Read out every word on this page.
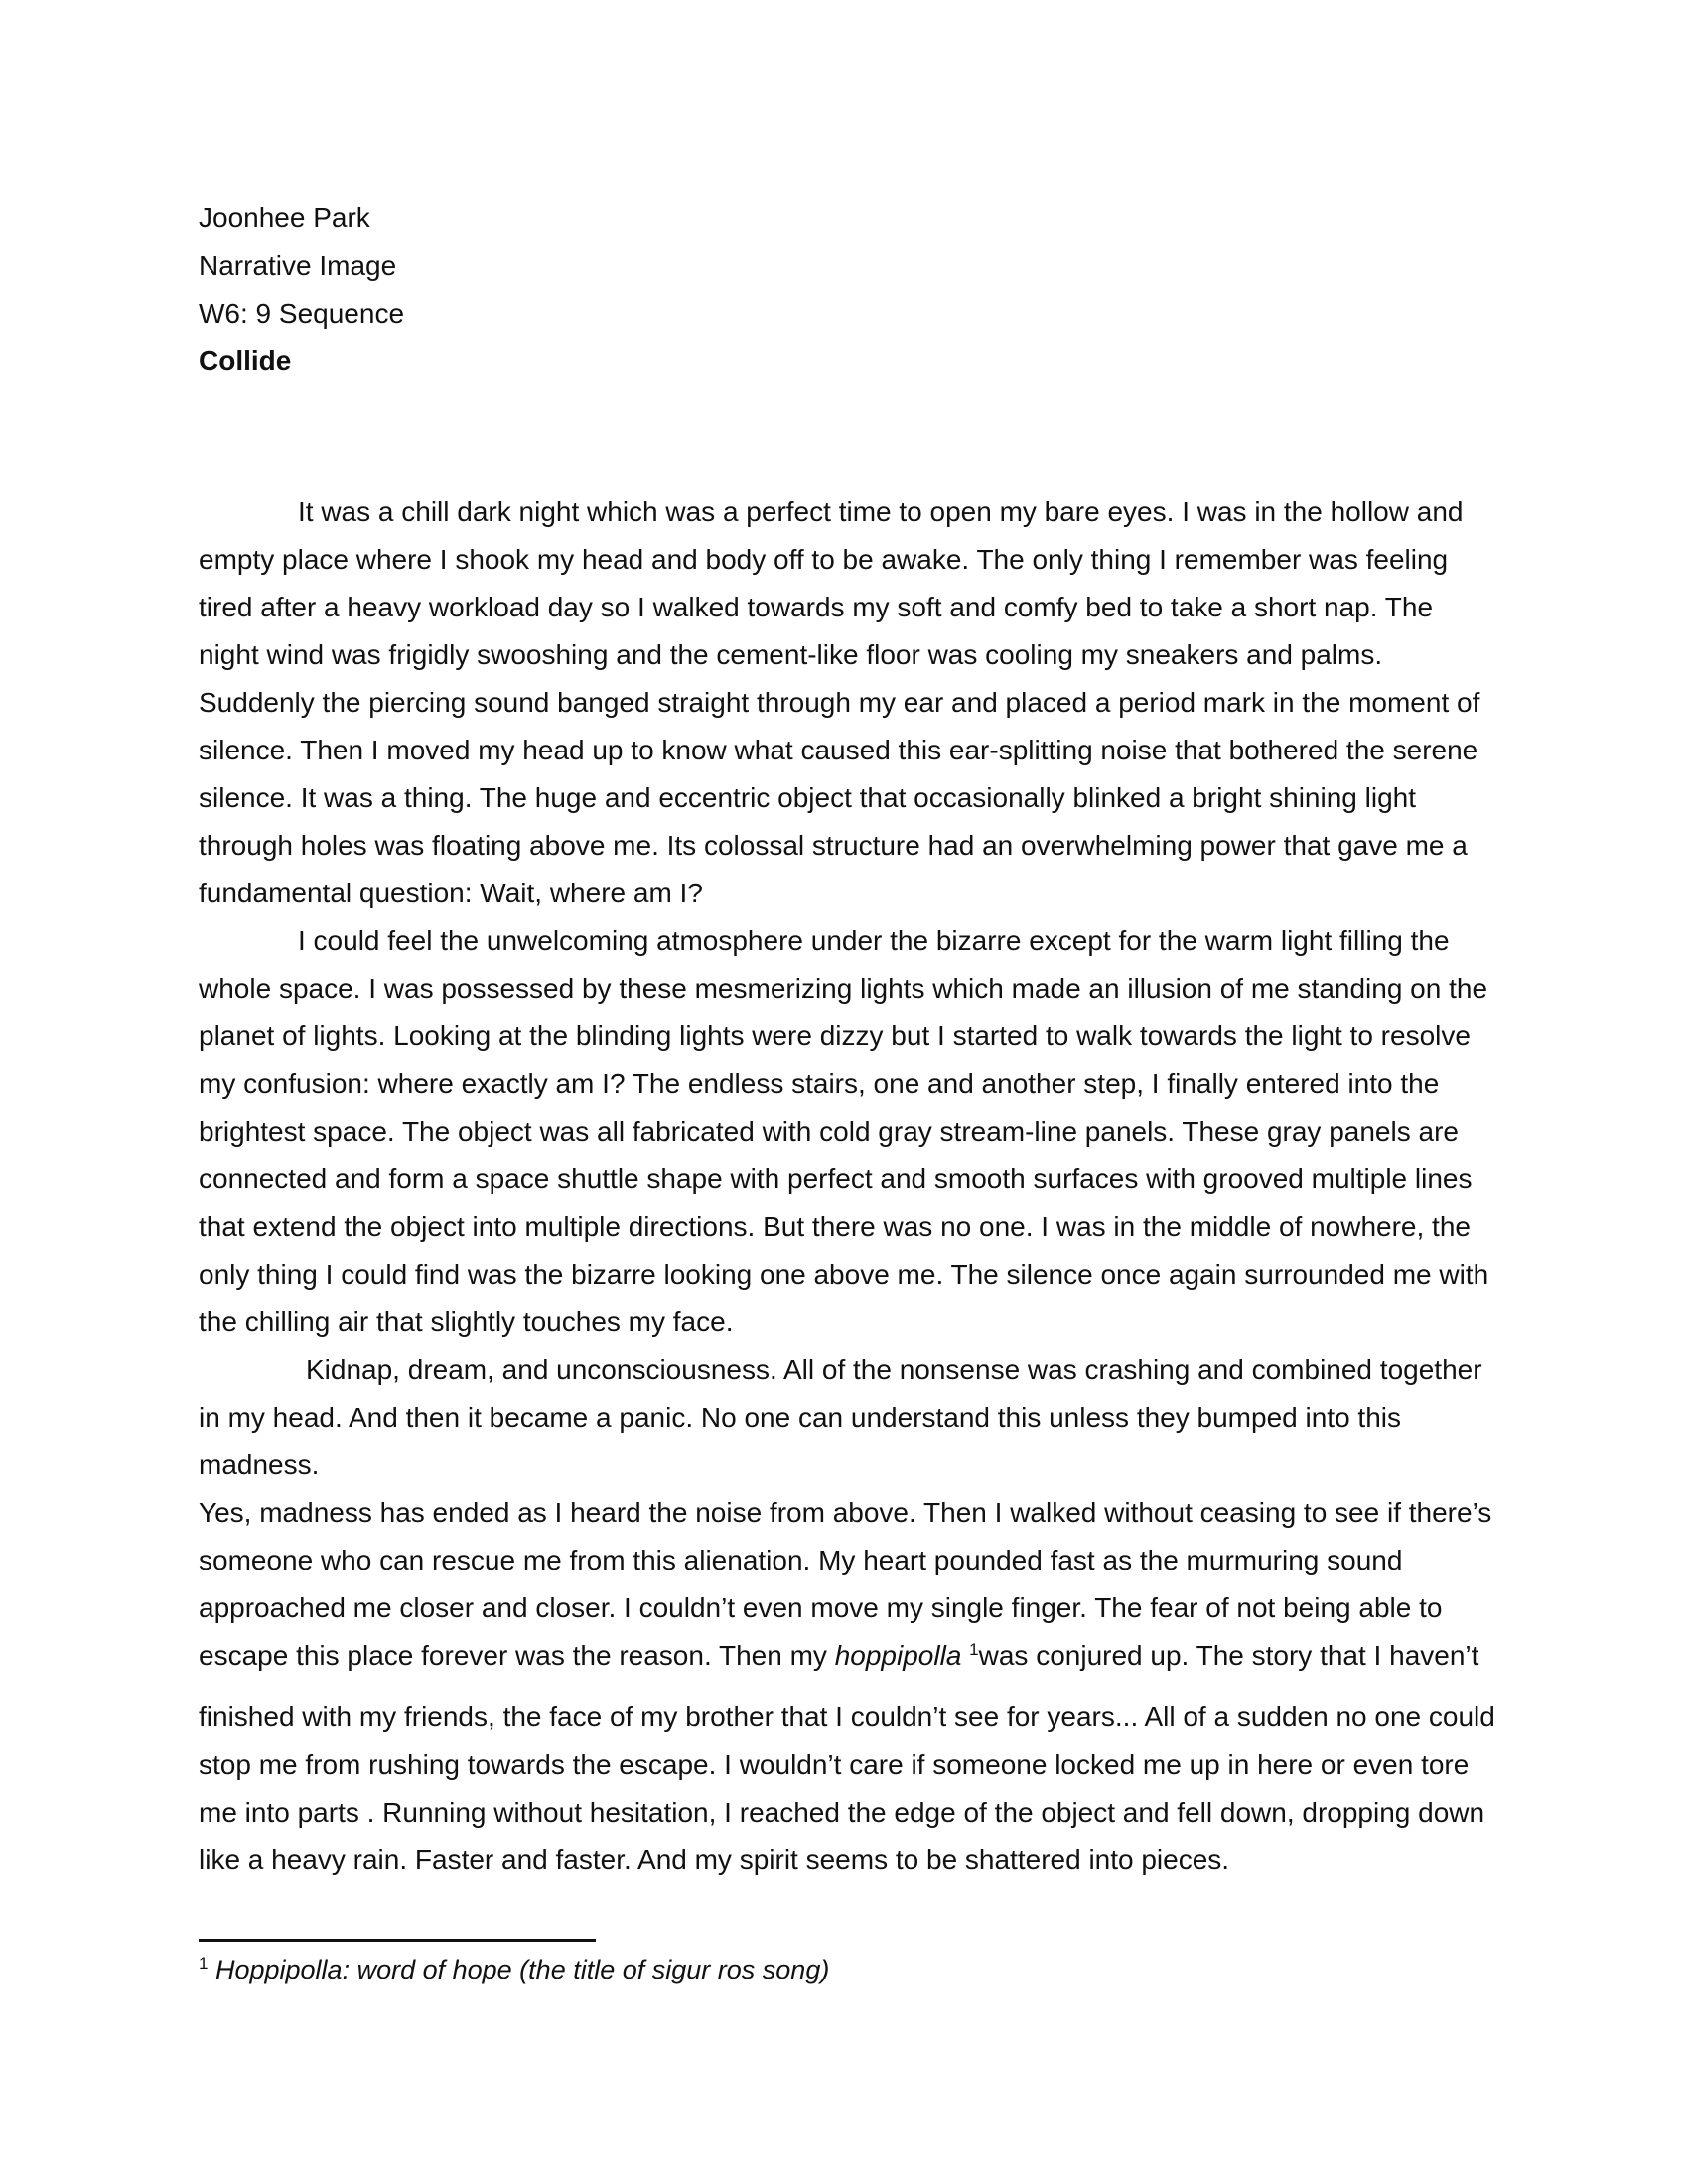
Joonhee Park
Narrative Image
W6: 9 Sequence
Collide
It was a chill dark night which was a perfect time to open my bare eyes. I was in the hollow and
empty place where I shook my head and body off to be awake. The only thing I remember was feeling
tired after a heavy workload day so I walked towards my soft and comfy bed to take a short nap. The
night wind was frigidly swooshing and the cement-like floor was cooling my sneakers and palms.
Suddenly the piercing sound banged straight through my ear and placed a period mark in the moment of
silence. Then I moved my head up to know what caused this ear-splitting noise that bothered the serene
silence. It was a thing. The huge and eccentric object that occasionally blinked a bright shining light
through holes was floating above me. Its colossal structure had an overwhelming power that gave me a
fundamental question: Wait, where am I?
I could feel the unwelcoming atmosphere under the bizarre except for the warm light filling the
whole space. I was possessed by these mesmerizing lights which made an illusion of me standing on the
planet of lights. Looking at the blinding lights were dizzy but I started to walk towards the light to resolve
my confusion: where exactly am I? The endless stairs, one and another step, I finally entered into the
brightest space. The object was all fabricated with cold gray stream-line panels. These gray panels are
connected and form a space shuttle shape with perfect and smooth surfaces with grooved multiple lines
that extend the object into multiple directions. But there was no one. I was in the middle of nowhere, the
only thing I could find was the bizarre looking one above me. The silence once again surrounded me with
the chilling air that slightly touches my face.
Kidnap, dream, and unconsciousness. All of the nonsense was crashing and combined together
in my head. And then it became a panic. No one can understand this unless they bumped into this
madness.
Yes, madness has ended as I heard the noise from above. Then I walked without ceasing to see if there’s
someone who can rescue me from this alienation. My heart pounded fast as the murmuring sound
approached me closer and closer. I couldn’t even move my single finger. The fear of not being able to
escape this place forever was the reason. Then my hoppipolla $^1$was conjured up. The story that I haven’t
finished with my friends, the face of my brother that I couldn’t see for years... All of a sudden no one could
stop me from rushing towards the escape. I wouldn’t care if someone locked me up in here or even tore
me into parts . Running without hesitation, I reached the edge of the object and fell down, dropping down
like a heavy rain. Faster and faster. And my spirit seems to be shattered into pieces.
$^1$ Hoppipolla: word of hope (the title of sigur ros song)
